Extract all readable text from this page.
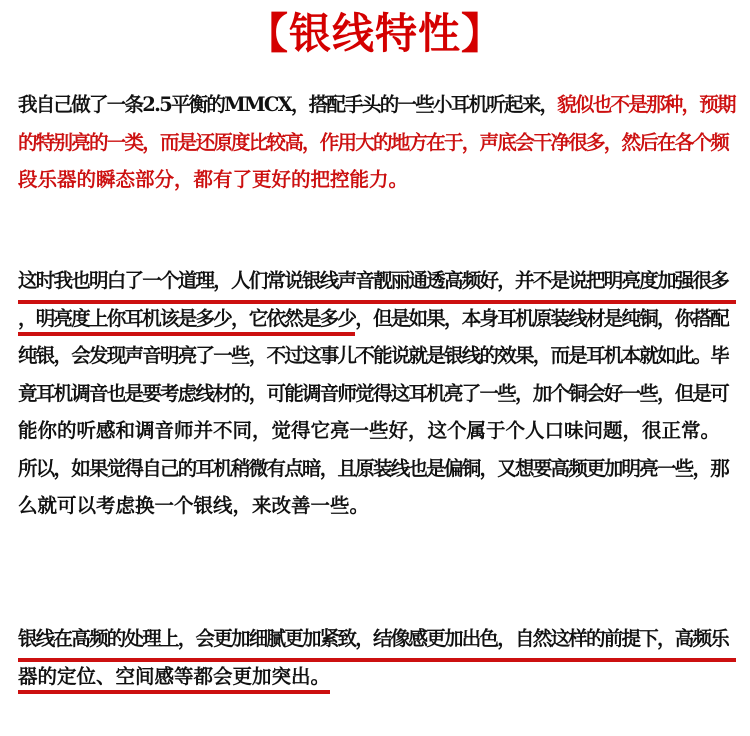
【银线特性】
我自己做了一条2.5平衡的MMCX，搭配手头的一些小耳机听起来，貌似也不是那种，预期
的特别亮的一类，而是还原度比较高，作用大的地方在于，声底会干净很多，然后在各个频
段乐器的瞬态部分，都有了更好的把控能力。
这时我也明白了一个道理，人们常说银线声音靓丽通透高频好，并不是说把明亮度加强很多
，明亮度上你耳机该是多少，它依然是多少，但是如果，本身耳机原装线材是纯铜，你搭配
纯银，会发现声音明亮了一些，不过这事儿不能说就是银线的效果，而是耳机本就如此。毕
竟耳机调音也是要考虑线材的，可能调音师觉得这耳机亮了一些，加个铜会好一些，但是可
能你的听感和调音师并不同，觉得它亮一些好，这个属于个人口味问题，很正常。
所以，如果觉得自己的耳机稍微有点暗，且原装线也是偏铜，又想要高频更加明亮一些，那
么就可以考虑换一个银线，来改善一些。
银线在高频的处理上，会更加细腻更加紧致，结像感更加出色，自然这样的前提下，高频乐
器的定位、空间感等都会更加突出。
